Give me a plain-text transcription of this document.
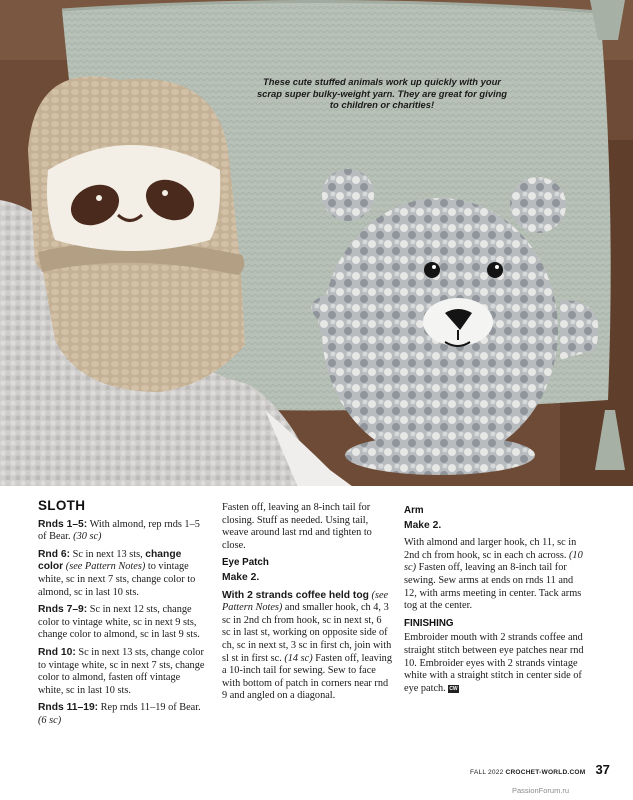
These cute stuffed animals work up quickly with your scrap super bulky-weight yarn. They are great for giving to children or charities!
SLOTH

Rnds 1–5: With almond, rep rnds 1–5 of Bear. (30 sc)

Rnd 6: Sc in next 13 sts, change color (see Pattern Notes) to vintage white, sc in next 7 sts, change color to almond, sc in last 10 sts.

Rnds 7–9: Sc in next 12 sts, change color to vintage white, sc in next 9 sts, change color to almond, sc in last 9 sts.

Rnd 10: Sc in next 13 sts, change color to vintage white, sc in next 7 sts, change color to almond, fasten off vintage white, sc in last 10 sts.

Rnds 11–19: Rep rnds 11–19 of Bear. (6 sc)

Fasten off, leaving an 8-inch tail for closing. Stuff as needed. Using tail, weave around last rnd and tighten to close.

Eye Patch

Make 2.

With 2 strands coffee held tog (see Pattern Notes) and smaller hook, ch 4, 3 sc in 2nd ch from hook, sc in next st, 6 sc in last st, working on opposite side of ch, sc in next st, 3 sc in first ch, join with sl st in first sc. (14 sc) Fasten off, leaving a 10-inch tail for sewing. Sew to face with bottom of patch in corners near rnd 9 and angled on a diagonal.

Arm

Make 2.

With almond and larger hook, ch 11, sc in 2nd ch from hook, sc in each ch across. (10 sc) Fasten off, leaving an 8-inch tail for sewing. Sew arms at ends on rnds 11 and 12, with arms meeting in center. Tack arms tog at the center.

FINISHING

Embroider mouth with 2 strands coffee and straight stitch between eye patches near rnd 10. Embroider eyes with 2 strands vintage white with a straight stitch in center side of eye patch. CW

FALL 2022 CROCHET-WORLD.COM 37
PassionForum.ru
